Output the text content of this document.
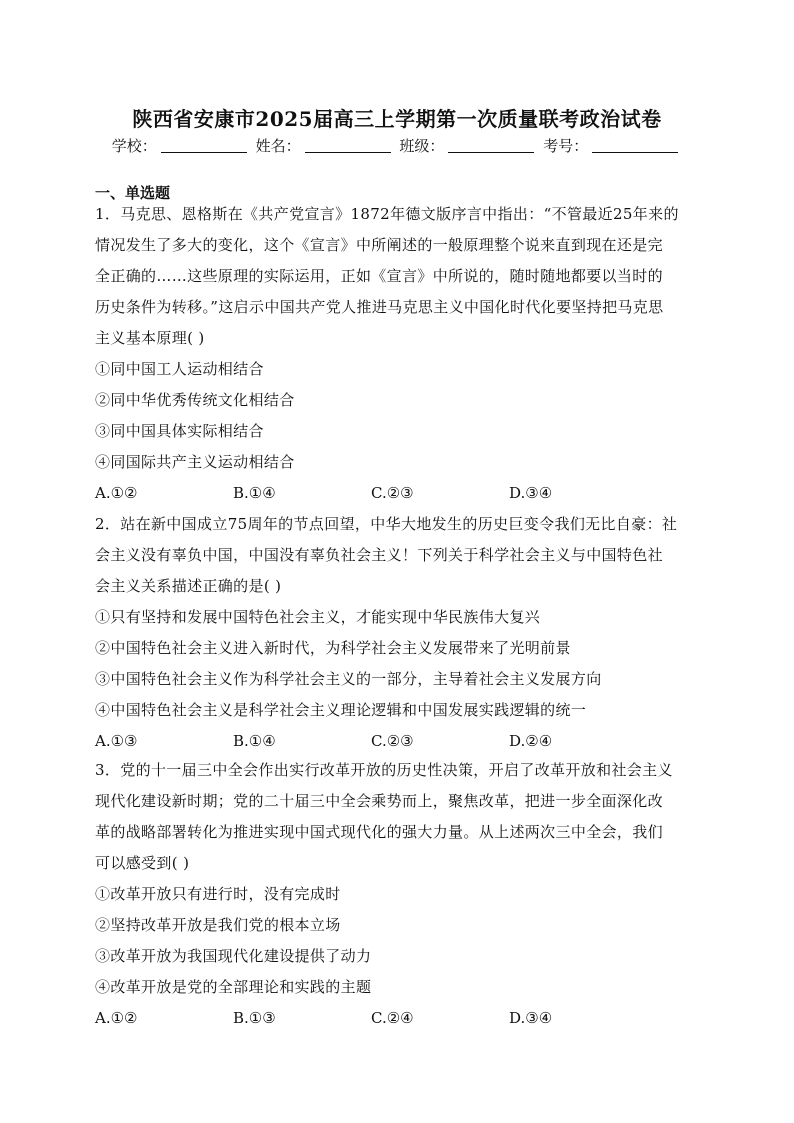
陕西省安康市2025届高三上学期第一次质量联考政治试卷
学校：	姓名：	班级：	考号：
一、单选题
1．马克思、恩格斯在《共产党宣言》1872年德文版序言中指出：“不管最近25年来的
情况发生了多大的变化，这个《宣言》中所阐述的一般原理整个说来直到现在还是完
全正确的……这些原理的实际运用，正如《宣言》中所说的，随时随地都要以当时的
历史条件为转移。”这启示中国共产党人推进马克思主义中国化时代化要坚持把马克思
主义基本原理( )
①同中国工人运动相结合
②同中华优秀传统文化相结合
③同中国具体实际相结合
④同国际共产主义运动相结合
A.①②	B.①④	C.②③	D.③④
2．站在新中国成立75周年的节点回望，中华大地发生的历史巨变令我们无比自豪：社
会主义没有辜负中国，中国没有辜负社会主义！下列关于科学社会主义与中国特色社
会主义关系描述正确的是( )
①只有坚持和发展中国特色社会主义，才能实现中华民族伟大复兴
②中国特色社会主义进入新时代，为科学社会主义发展带来了光明前景
③中国特色社会主义作为科学社会主义的一部分，主导着社会主义发展方向
④中国特色社会主义是科学社会主义理论逻辑和中国发展实践逻辑的统一
A.①③	B.①④	C.②③	D.②④
3．党的十一届三中全会作出实行改革开放的历史性决策，开启了改革开放和社会主义
现代化建设新时期；党的二十届三中全会乘势而上，聚焦改革，把进一步全面深化改
革的战略部署转化为推进实现中国式现代化的强大力量。从上述两次三中全会，我们
可以感受到( )
①改革开放只有进行时，没有完成时
②坚持改革开放是我们党的根本立场
③改革开放为我国现代化建设提供了动力
④改革开放是党的全部理论和实践的主题
A.①②	B.①③	C.②④	D.③④
